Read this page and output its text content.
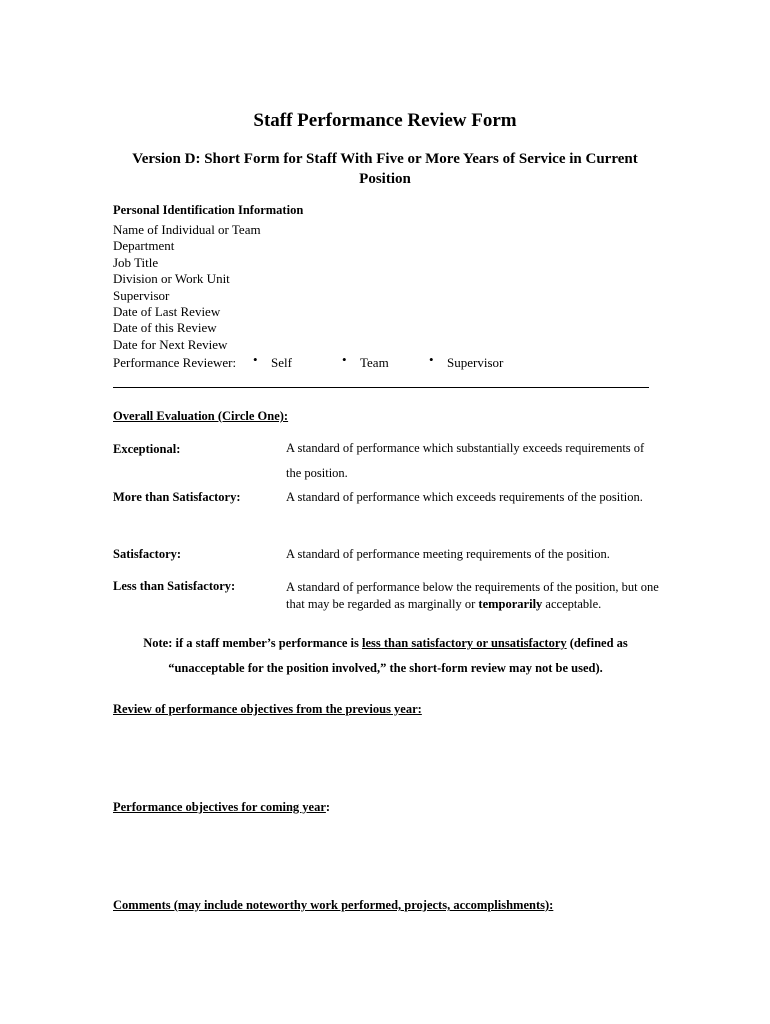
Staff Performance Review Form
Version D: Short Form for Staff With Five or More Years of Service in Current Position
Personal Identification Information
Name of Individual or Team
Department
Job Title
Division or Work Unit
Supervisor
Date of Last Review
Date of this Review
Date for Next Review
Performance Reviewer: • Self	• Team	• Supervisor
Overall Evaluation (Circle One):
Exceptional:	A standard of performance which substantially exceeds requirements of the position.
More than Satisfactory:	A standard of performance which exceeds requirements of the position.
Satisfactory:	A standard of performance meeting requirements of the position.
Less than Satisfactory:	A standard of performance below the requirements of the position, but one that may be regarded as marginally or temporarily acceptable.
Note: if a staff member’s performance is less than satisfactory or unsatisfactory (defined as
“unacceptable for the position involved,” the short-form review may not be used).
Review of performance objectives from the previous year:
Performance objectives for coming year:
Comments (may include noteworthy work performed, projects, accomplishments):
